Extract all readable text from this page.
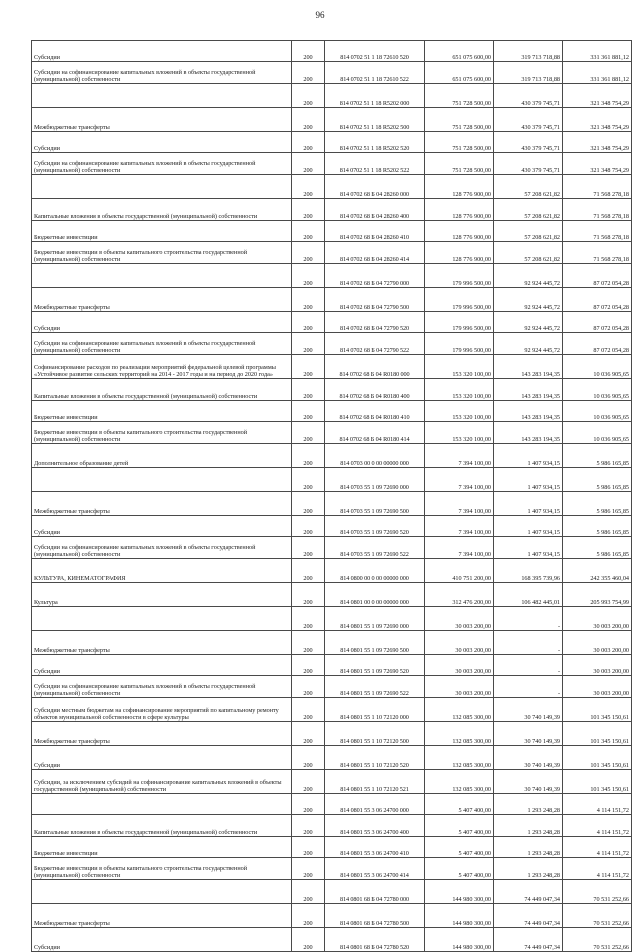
96
Субсидии	200	814 0702 51 1 18 72610 520	651 075 600,00	319 713 718,88	331 361 881,12
Субсидии на софинансирование капитальных вложений в объекты государственной (муниципальной) собственности	200	814 0702 51 1 18 72610 522	651 075 600,00	319 713 718,88	331 361 881,12
	200	814 0702 51 1 18 R5202 000	751 728 500,00	430 379 745,71	321 348 754,29
Межбюджетные трансферты	200	814 0702 51 1 18 R5202 500	751 728 500,00	430 379 745,71	321 348 754,29
Субсидии	200	814 0702 51 1 18 R5202 520	751 728 500,00	430 379 745,71	321 348 754,29
Субсидии на софинансирование капитальных вложений в объекты государственной (муниципальной) собственности	200	814 0702 51 1 18 R5202 522	751 728 500,00	430 379 745,71	321 348 754,29
	200	814 0702 68 Б 04 28260 000	128 776 900,00	57 208 621,82	71 568 278,18
Капитальные вложения в объекты государственной (муниципальной) собственности	200	814 0702 68 Б 04 28260 400	128 776 900,00	57 208 621,82	71 568 278,18
Бюджетные инвестиции	200	814 0702 68 Б 04 28260 410	128 776 900,00	57 208 621,82	71 568 278,18
Бюджетные инвестиции в объекты капитального строительства государственной (муниципальной) собственности	200	814 0702 68 Б 04 28260 414	128 776 900,00	57 208 621,82	71 568 278,18
	200	814 0702 68 Б 04 72790 000	179 996 500,00	92 924 445,72	87 072 054,28
Межбюджетные трансферты	200	814 0702 68 Б 04 72790 500	179 996 500,00	92 924 445,72	87 072 054,28
Субсидии	200	814 0702 68 Б 04 72790 520	179 996 500,00	92 924 445,72	87 072 054,28
Субсидии на софинансирование капитальных вложений в объекты государственной (муниципальной) собственности	200	814 0702 68 Б 04 72790 522	179 996 500,00	92 924 445,72	87 072 054,28
Софинансирование расходов по реализации мероприятий федеральной целевой программы «Устойчивое развитие сельских территорий на 2014 - 2017 годы и на период до 2020 года»	200	814 0702 68 Б 04 R0180 000	153 320 100,00	143 283 194,35	10 036 905,65
Капитальные вложения в объекты государственной (муниципальной) собственности	200	814 0702 68 Б 04 R0180 400	153 320 100,00	143 283 194,35	10 036 905,65
Бюджетные инвестиции	200	814 0702 68 Б 04 R0180 410	153 320 100,00	143 283 194,35	10 036 905,65
Бюджетные инвестиции в объекты капитального строительства государственной (муниципальной) собственности	200	814 0702 68 Б 04 R0180 414	153 320 100,00	143 283 194,35	10 036 905,65
Дополнительное образование детей	200	814 0703 00 0 00 00000 000	7 394 100,00	1 407 934,15	5 986 165,85
	200	814 0703 55 1 09 72690 000	7 394 100,00	1 407 934,15	5 986 165,85
Межбюджетные трансферты	200	814 0703 55 1 09 72690 500	7 394 100,00	1 407 934,15	5 986 165,85
Субсидии	200	814 0703 55 1 09 72690 520	7 394 100,00	1 407 934,15	5 986 165,85
Субсидии на софинансирование капитальных вложений в объекты государственной (муниципальной) собственности	200	814 0703 55 1 09 72690 522	7 394 100,00	1 407 934,15	5 986 165,85
КУЛЬТУРА, КИНЕМАТОГРАФИЯ	200	814 0800 00 0 00 00000 000	410 751 200,00	168 395 739,96	242 355 460,04
Культура	200	814 0801 00 0 00 00000 000	312 476 200,00	106 482 445,01	205 993 754,99
	200	814 0801 55 1 09 72690 000	30 003 200,00	-	30 003 200,00
Межбюджетные трансферты	200	814 0801 55 1 09 72690 500	30 003 200,00	-	30 003 200,00
Субсидии	200	814 0801 55 1 09 72690 520	30 003 200,00	-	30 003 200,00
Субсидии на софинансирование капитальных вложений в объекты государственной (муниципальной) собственности	200	814 0801 55 1 09 72690 522	30 003 200,00	-	30 003 200,00
Субсидии местным бюджетам на софинансирование мероприятий по капитальному ремонту объектов муниципальной собственности в сфере культуры	200	814 0801 55 1 10 72120 000	132 085 300,00	30 740 149,39	101 345 150,61
Межбюджетные трансферты	200	814 0801 55 1 10 72120 500	132 085 300,00	30 740 149,39	101 345 150,61
Субсидии	200	814 0801 55 1 10 72120 520	132 085 300,00	30 740 149,39	101 345 150,61
Субсидии, за исключением субсидий на софинансирование капитальных вложений в объекты государственной (муниципальной) собственности	200	814 0801 55 1 10 72120 521	132 085 300,00	30 740 149,39	101 345 150,61
	200	814 0801 55 3 06 24700 000	5 407 400,00	1 293 248,28	4 114 151,72
Капитальные вложения в объекты государственной (муниципальной) собственности	200	814 0801 55 3 06 24700 400	5 407 400,00	1 293 248,28	4 114 151,72
Бюджетные инвестиции	200	814 0801 55 3 06 24700 410	5 407 400,00	1 293 248,28	4 114 151,72
Бюджетные инвестиции в объекты капитального строительства государственной (муниципальной) собственности	200	814 0801 55 3 06 24700 414	5 407 400,00	1 293 248,28	4 114 151,72
	200	814 0801 68 Б 04 72780 000	144 980 300,00	74 449 047,34	70 531 252,66
Межбюджетные трансферты	200	814 0801 68 Б 04 72780 500	144 980 300,00	74 449 047,34	70 531 252,66
Субсидии	200	814 0801 68 Б 04 72780 520	144 980 300,00	74 449 047,34	70 531 252,66
